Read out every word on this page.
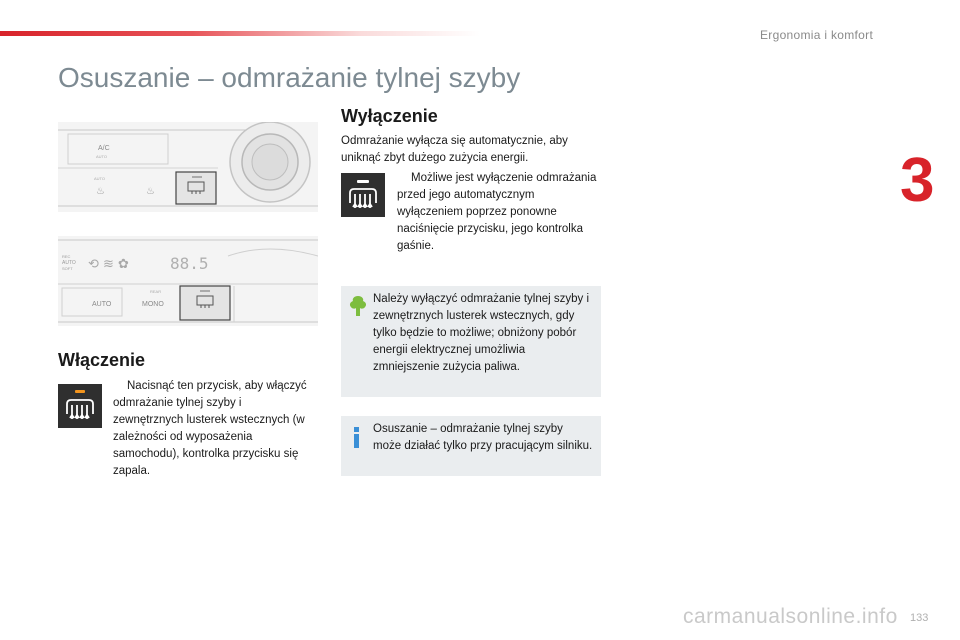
Ergonomia i komfort
3
Osuszanie – odmrażanie tylnej szyby
A/C
AUTO
AUTO
♨	♨
REC
AUTO
SOFT ⟲ ≋ ✿	88.5
AUTO
REAR
MONO
Włączenie

Nacisnąć ten przycisk, aby włączyć odmrażanie tylnej szyby i zewnętrznych lusterek wstecznych (w zależności od wyposażenia samochodu), kontrolka przycisku się zapala.

Wyłączenie

Odmrażanie wyłącza się automatycznie, aby uniknąć zbyt dużego zużycia energii.

Możliwe jest wyłączenie odmrażania przed jego automatycznym wyłączeniem poprzez ponowne naciśnięcie przycisku, jego kontrolka gaśnie.

Należy wyłączyć odmrażanie tylnej szyby i zewnętrznych lusterek wstecznych, gdy tylko będzie to możliwe; obniżony pobór energii elektrycznej umożliwia zmniejszenie zużycia paliwa.

Osuszanie – odmrażanie tylnej szyby może działać tylko przy pracującym silniku.

133
carmanualsonline.info
